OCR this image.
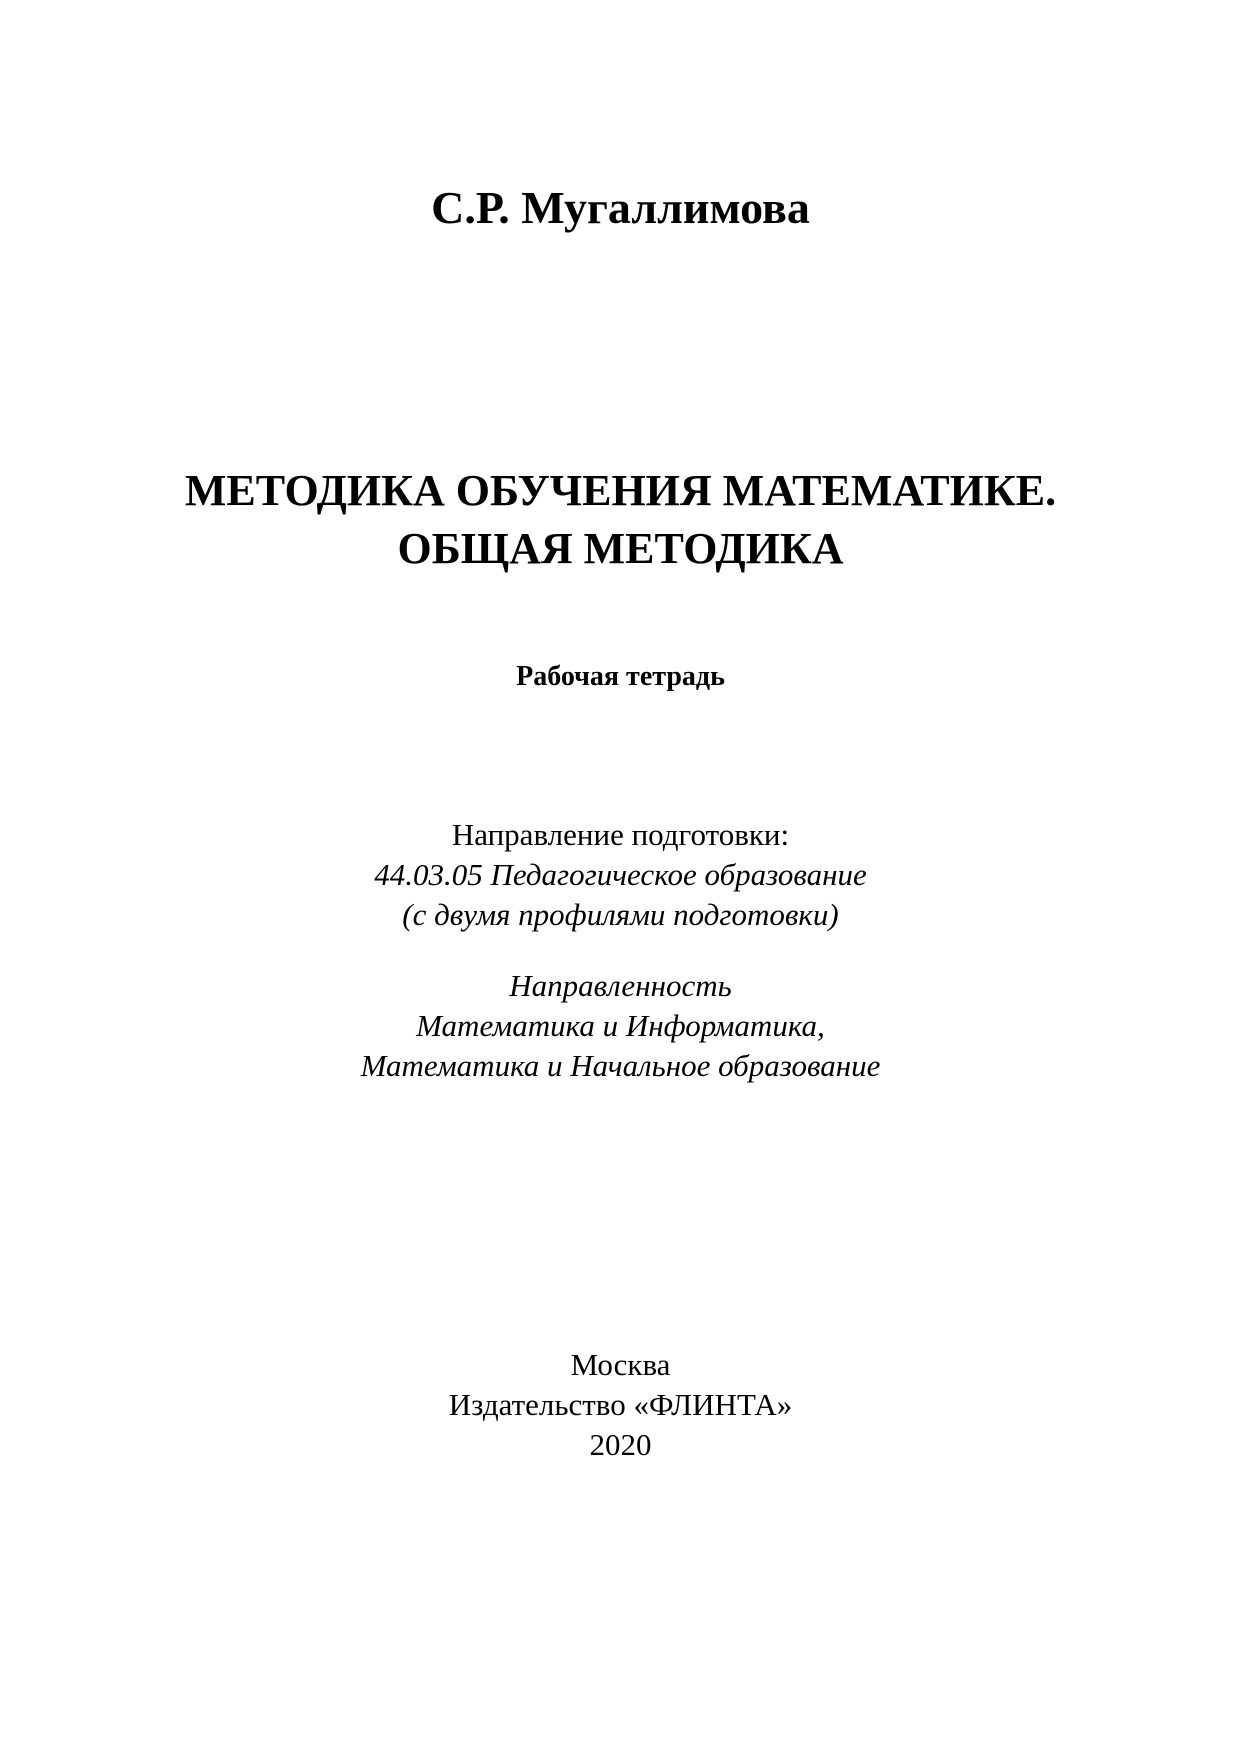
С.Р. Мугаллимова
МЕТОДИКА ОБУЧЕНИЯ МАТЕМАТИКЕ.
ОБЩАЯ МЕТОДИКА

Рабочая тетрадь

Направление подготовки:
44.03.05 Педагогическое образование
(с двумя профилями подготовки)
Направленность
Математика и Информатика,
Математика и Начальное образование
Москва
Издательство «ФЛИНТА»
2020
